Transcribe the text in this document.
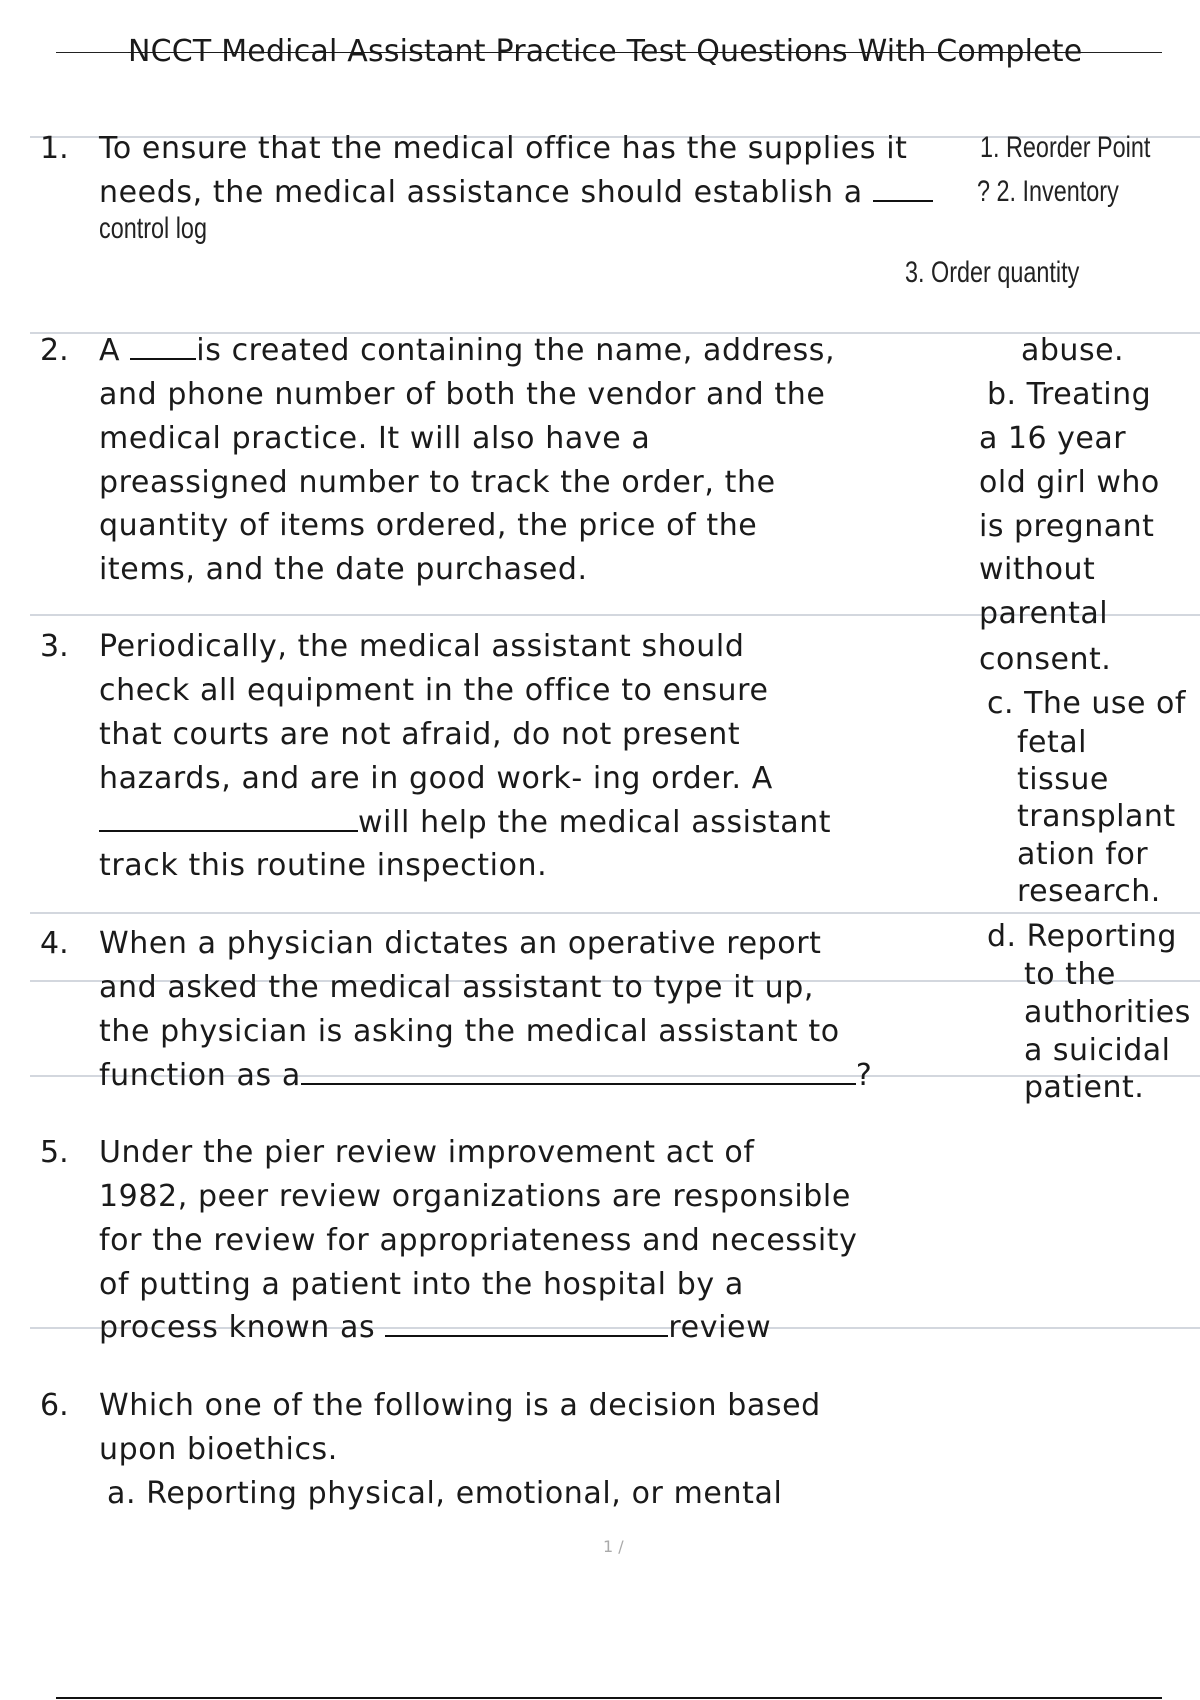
NCCT Medical Assistant Practice Test Questions With Complete
1. To ensure that the medical office has the supplies it
needs, the medical assistance should establish a
1. Reorder Point
? 2. Inventory
control log
3. Order quantity
2. A	is created containing the name, address,
and phone number of both the vendor and the
medical practice. It will also have a
preassigned number to track the order, the
quantity of items ordered, the price of the
items, and the date purchased.
3. Periodically, the medical assistant should
check all equipment in the office to ensure
that courts are not afraid, do not present
hazards, and are in good work- ing order. A
will help the medical assistant
track this routine inspection.
4. When a physician dictates an operative report
and asked the medical assistant to type it up,
the physician is asking the medical assistant to
function as a	?
5. Under the pier review improvement act of
1982, peer review organizations are responsible
for the review for appropriateness and necessity
of putting a patient into the hospital by a
process known as	review
6. Which one of the following is a decision based
upon bioethics.
a. Reporting physical, emotional, or mental
abuse.
b. Treating
a 16 year
old girl who
is pregnant
without
parental
consent.
c. The use of
fetal
tissue
transplant
ation for
research.
d. Reporting
to the
authorities
a suicidal
patient.
1 /
